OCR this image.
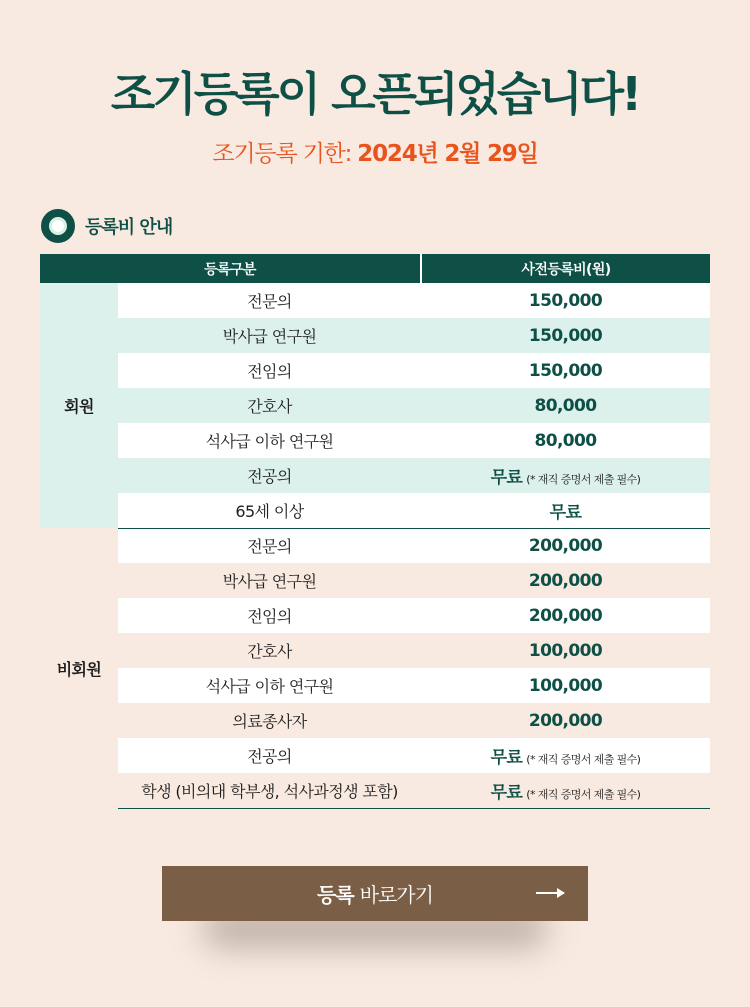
조기등록이 오픈되었습니다!
조기등록 기한: 2024년 2월 29일
등록비 안내
등록구분		사전등록비(원)
회원	전문의	150,000
	박사급 연구원	150,000
	전임의	150,000
	간호사	80,000
	석사급 이하 연구원	80,000
	전공의	무료 (* 재직 증명서 제출 필수)
	65세 이상	무료
비회원	전문의	200,000
	박사급 연구원	200,000
	전임의	200,000
	간호사	100,000
	석사급 이하 연구원	100,000
	의료종사자	200,000
	전공의	무료 (* 재직 증명서 제출 필수)
	학생 (비의대 학부생, 석사과정생 포함)	무료 (* 재직 증명서 제출 필수)
등록 바로가기
